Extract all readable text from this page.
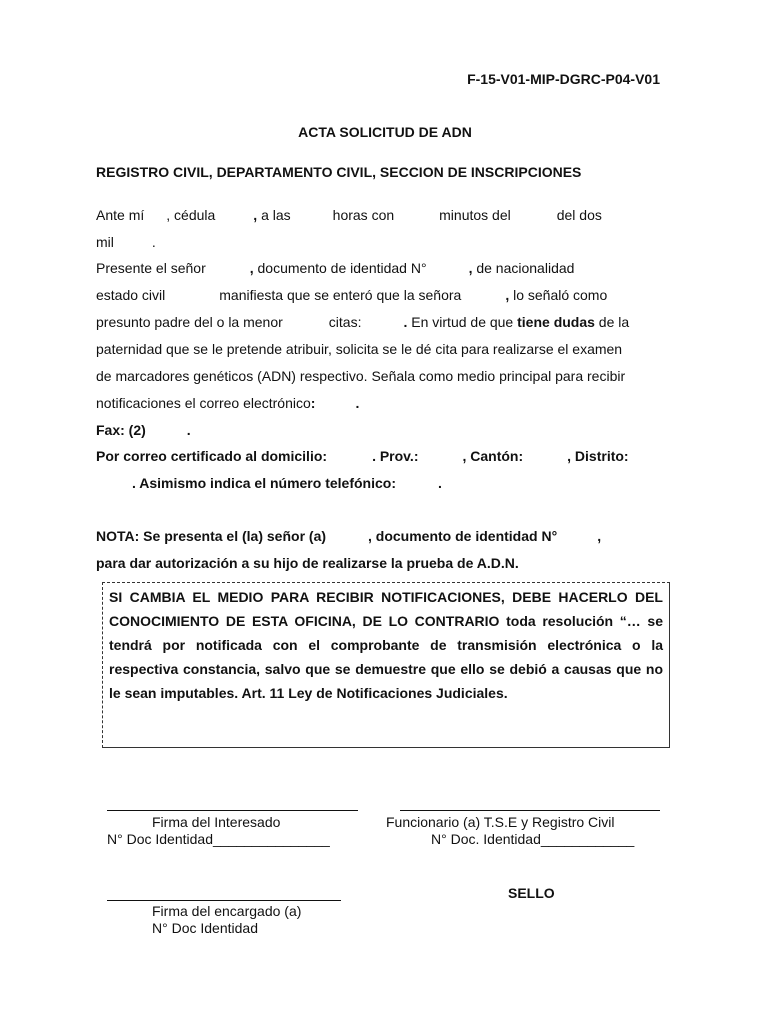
F-15-V01-MIP-DGRC-P04-V01
ACTA SOLICITUD DE ADN
REGISTRO CIVIL, DEPARTAMENTO CIVIL, SECCION DE INSCRIPCIONES
Ante mí , cédula	, a las	horas con	minutos del	del dos
mil	.
Presente el señor	, documento de identidad N°	, de nacionalidad
estado civil	manifiesta que se enteró que la señora	, lo señaló como
presunto padre del o la menor	citas:	. En virtud de que tiene dudas de la
paternidad que se le pretende atribuir, solicita se le dé cita para realizarse el examen
de marcadores genéticos (ADN) respectivo. Señala como medio principal para recibir
notificaciones el correo electrónico:	.
Fax: (2)	.
Por correo certificado al domicilio:	. Prov.:	, Cantón:	, Distrito:
. Asimismo indica el número telefónico:	.
NOTA: Se presenta el (la) señor (a)	, documento de identidad N°	,
para dar autorización a su hijo de realizarse la prueba de A.D.N.
SI CAMBIA EL MEDIO PARA RECIBIR NOTIFICACIONES, DEBE HACERLO DEL CONOCIMIENTO DE ESTA OFICINA, DE LO CONTRARIO toda resolución “… se tendrá por notificada con el comprobante de transmisión electrónica o la respectiva constancia, salvo que se demuestre que ello se debió a causas que no le sean imputables. Art. 11 Ley de Notificaciones Judiciales.
Firma del Interesado
N° Doc Identidad_______________
Funcionario (a) T.S.E y Registro Civil
N° Doc. Identidad____________
Firma del encargado (a)
N° Doc Identidad
SELLO
